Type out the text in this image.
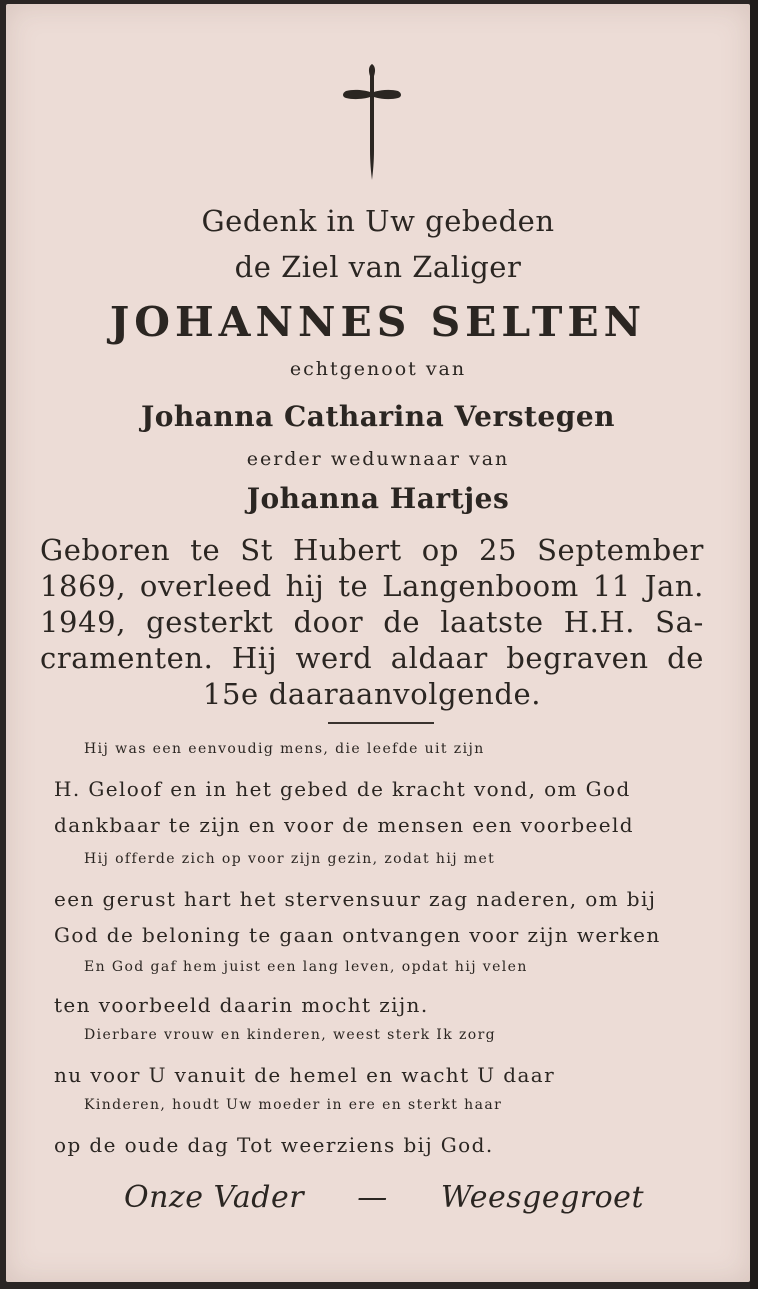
Gedenk in Uw gebeden
de Ziel van Zaliger
JOHANNES SELTEN
echtgenoot van
Johanna Catharina Verstegen
eerder weduwnaar van
Johanna Hartjes
Geboren te St Hubert op 25 September
1869, overleed hij te Langenboom 11 Jan.
1949, gesterkt door de laatste H.H. Sa-
cramenten. Hij werd aldaar begraven de
15e daaraanvolgende.
Hij was een eenvoudig mens, die leefde uit zijn
H. Geloof en in het gebed de kracht vond, om God
dankbaar te zijn en voor de mensen een voorbeeld
Hij offerde zich op voor zijn gezin, zodat hij met
een gerust hart het stervensuur zag naderen, om bij
God de beloning te gaan ontvangen voor zijn werken
En God gaf hem juist een lang leven, opdat hij velen
ten voorbeeld daarin mocht zijn.
Dierbare vrouw en kinderen, weest sterk Ik zorg
nu voor U vanuit de hemel en wacht U daar
Kinderen, houdt Uw moeder in ere en sterkt haar
op de oude dag Tot weerziens bij God.
Onze Vader — Weesgegroet
